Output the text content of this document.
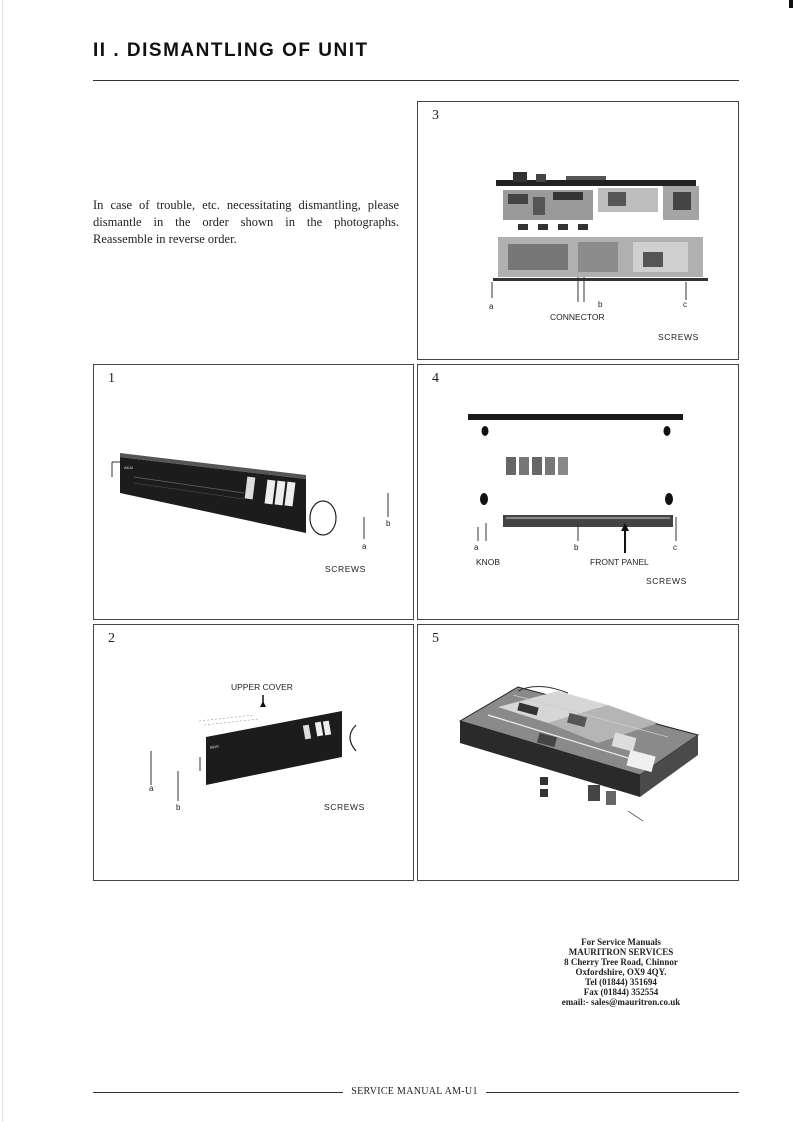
II . DISMANTLING OF UNIT
In case of trouble, etc. necessitating dismantling, please dismantle in the order shown in the photographs. Reassemble in reverse order.
3
a	b	c
CONNECTOR
SCREWS
1
AKAI
b
a
SCREWS
4
a	b	c
KNOB	FRONT PANEL
SCREWS
2
AKAI
UPPER COVER
a
b	SCREWS
5
For Service Manuals
MAURITRON SERVICES
8 Cherry Tree Road, Chinnor
Oxfordshire, OX9 4QY.
Tel (01844) 351694
Fax (01844) 352554
email:- sales@mauritron.co.uk
SERVICE MANUAL AM-U1
